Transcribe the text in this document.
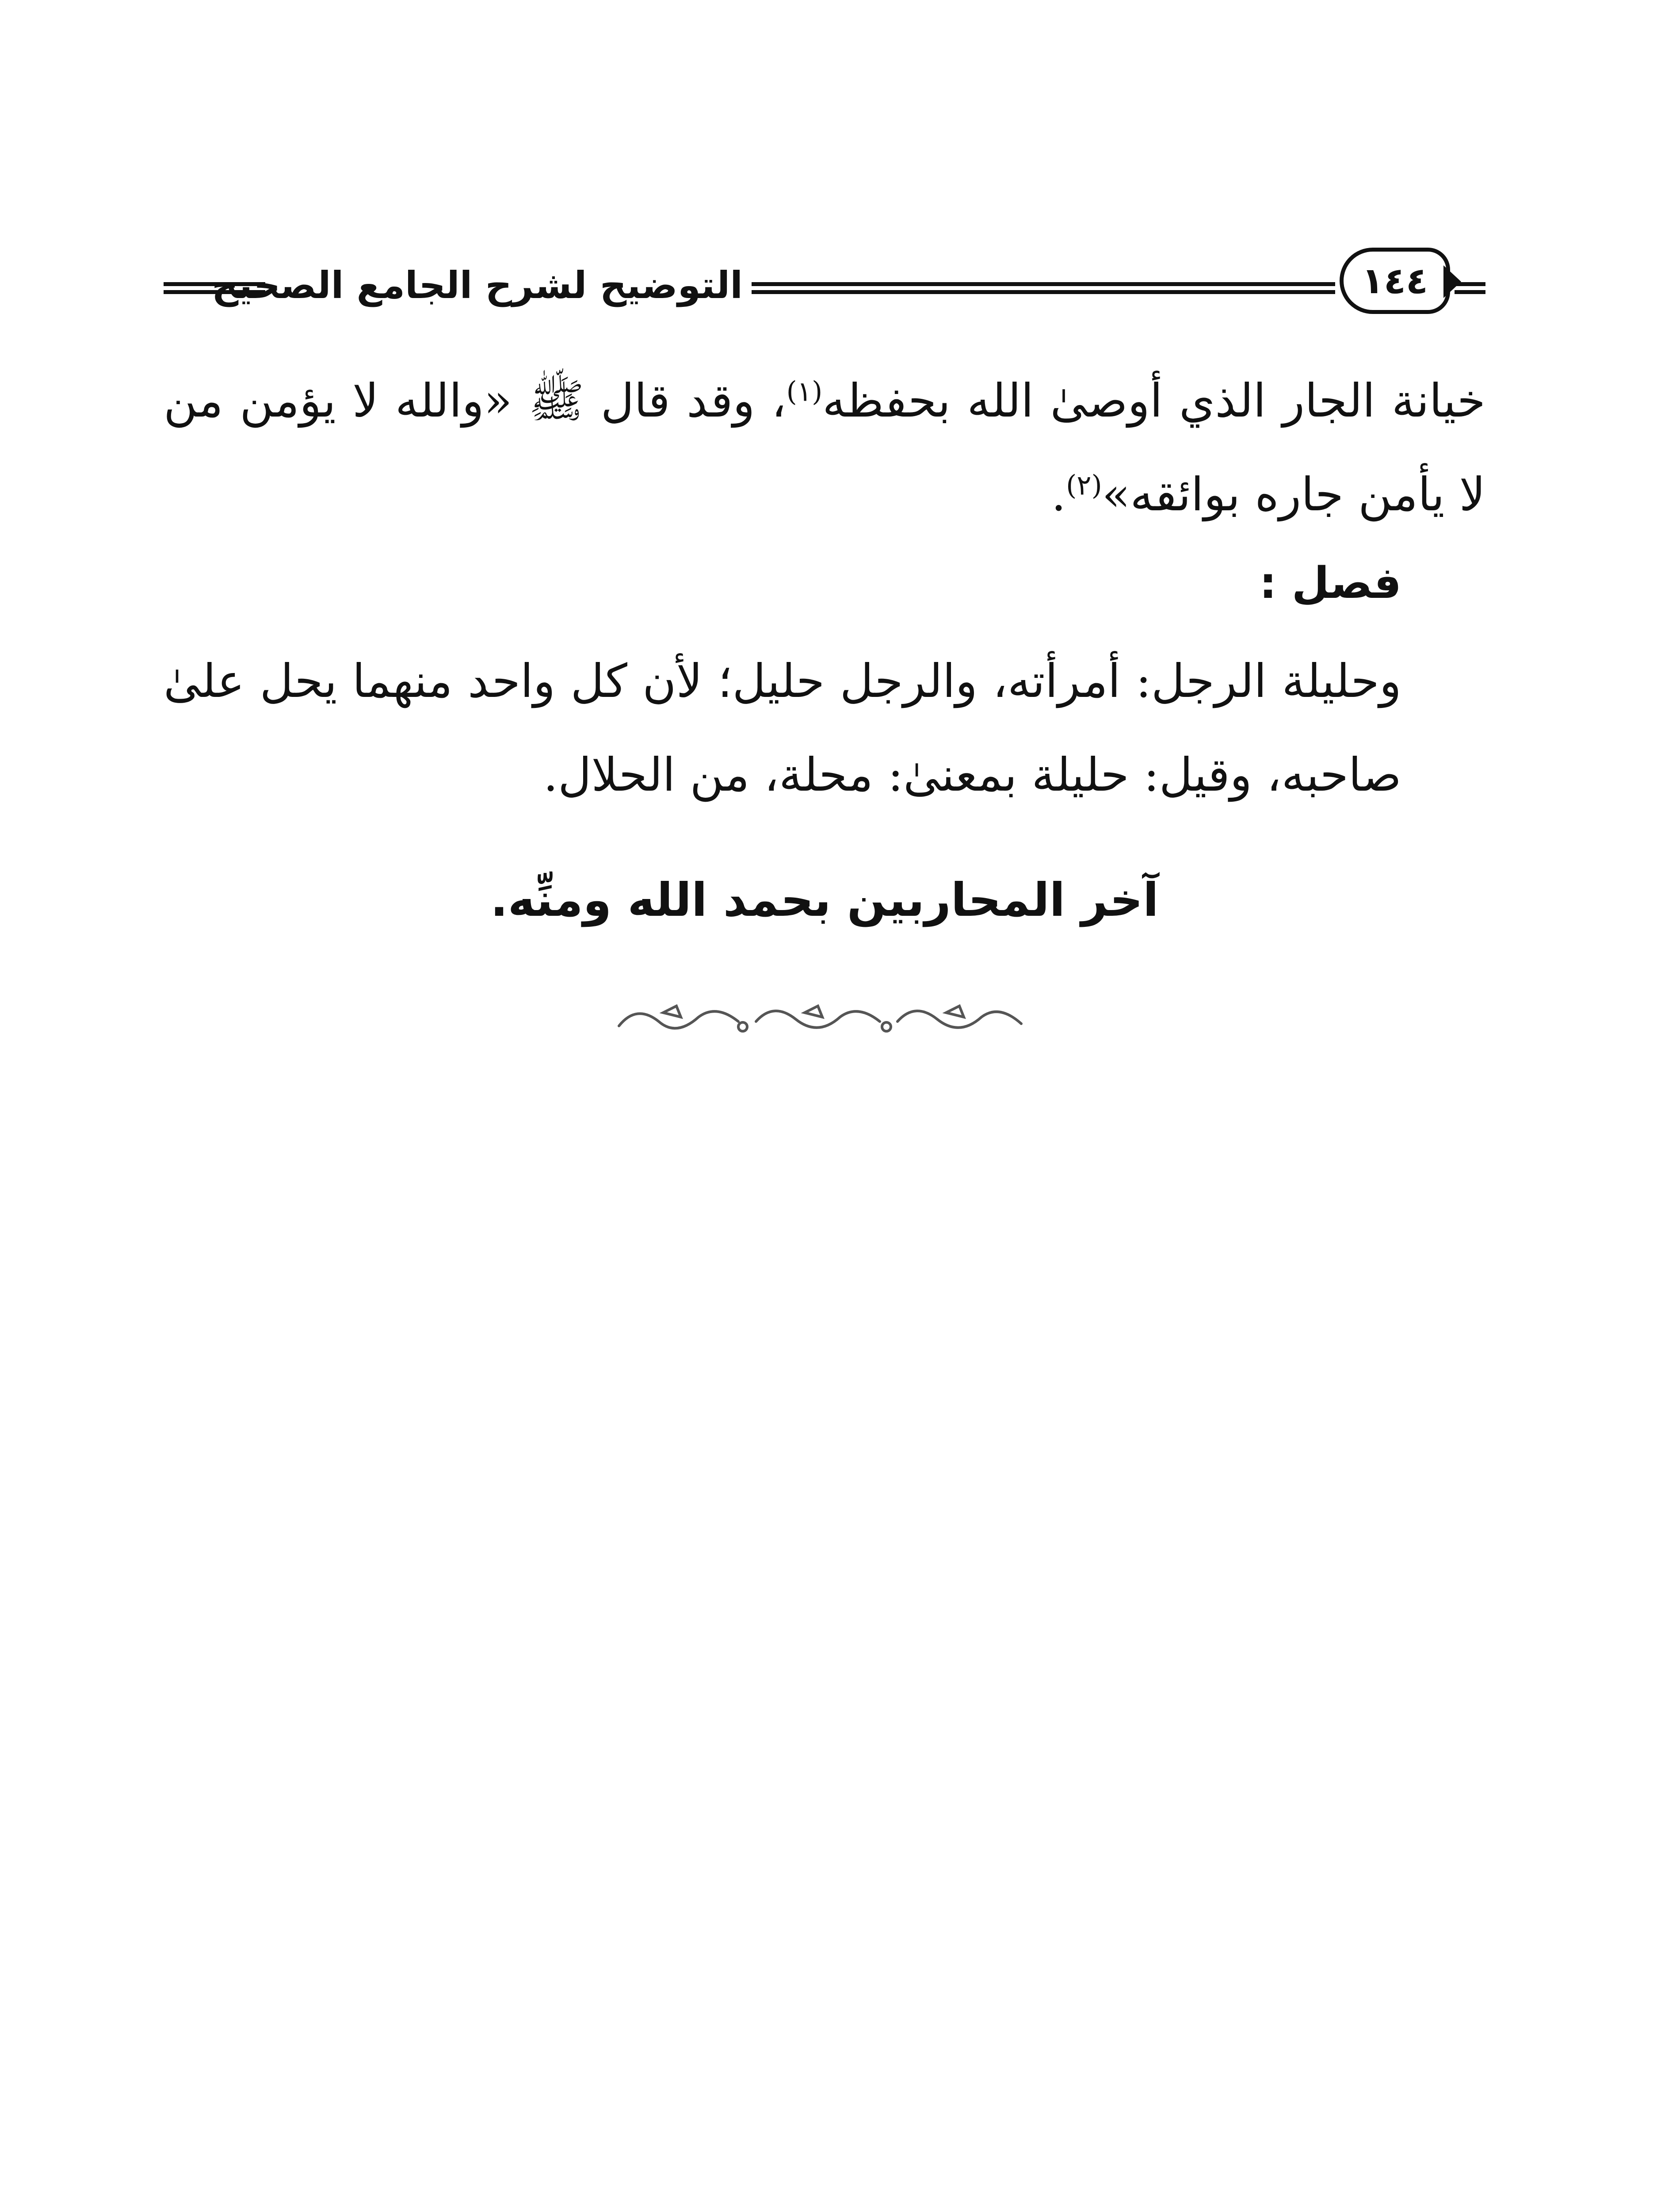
التوضيح لشرح الجامع الصحيح	١٤٤

خيانة الجار الذي أوصىٰ الله بحفظه$^{(١)}$، وقد قال ﷺ «والله لا يؤمن من لا يأمن جاره بوائقه»$^{(٢)}$.

فصل :

وحليلة الرجل: أمرأته، والرجل حليل؛ لأن كل واحد منهما يحل علىٰ صاحبه، وقيل: حليلة بمعنىٰ: محلة، من الحلال.

آخر المحاربين بحمد الله ومنِّه.
